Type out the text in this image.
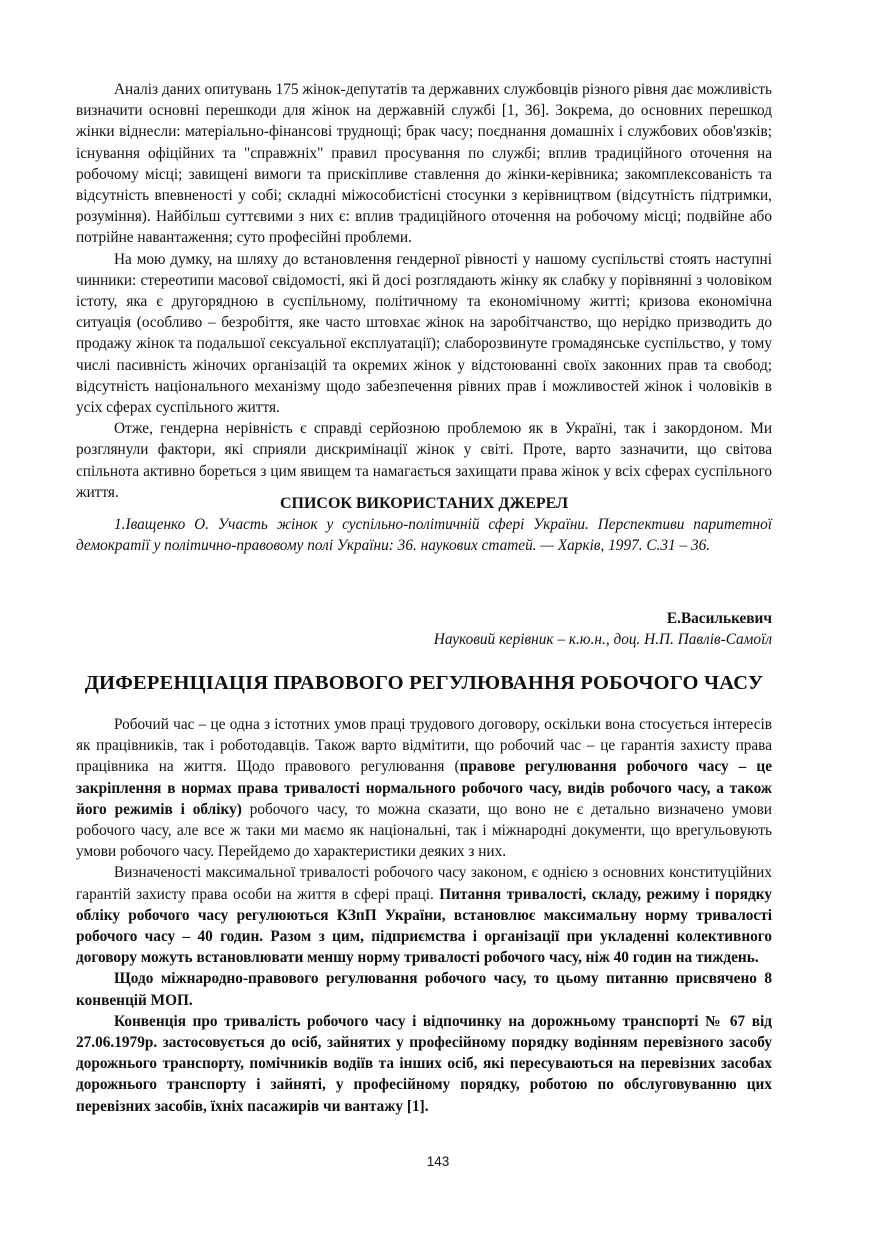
Аналіз даних опитувань 175 жінок-депутатів та державних службовців різного рівня дає можливість визначити основні перешкоди для жінок на державній службі [1, 36]. Зокрема, до основних перешкод жінки віднесли: матеріально-фінансові труднощі; брак часу; поєднання домашніх і службових обов'язків; існування офіційних та "справжніх" правил просування по службі; вплив традиційного оточення на робочому місці; завищені вимоги та прискіпливе ставлення до жінки-керівника; закомплексованість та відсутність впевненості у собі; складні міжособистісні стосунки з керівництвом (відсутність підтримки, розуміння). Найбільш суттєвими з них є: вплив традиційного оточення на робочому місці; подвійне або потрійне навантаження; суто професійні проблеми.

На мою думку, на шляху до встановлення гендерної рівності у нашому суспільстві стоять наступні чинники: стереотипи масової свідомості, які й досі розглядають жінку як слабку у порівнянні з чоловіком істоту, яка є другорядною в суспільному, політичному та економічному житті; кризова економічна ситуація (особливо – безробіття, яке часто штовхає жінок на заробітчанство, що нерідко призводить до продажу жінок та подальшої сексуальної експлуатації); слаборозвинуте громадянське суспільство, у тому числі пасивність жіночих організацій та окремих жінок у відстоюванні своїх законних прав та свобод; відсутність національного механізму щодо забезпечення рівних прав і можливостей жінок і чоловіків в усіх сферах суспільного життя.

Отже, гендерна нерівність є справді серйозною проблемою як в Україні, так і закордоном. Ми розглянули фактори, які сприяли дискримінації жінок у світі. Проте, варто зазначити, що світова спільнота активно бореться з цим явищем та намагається захищати права жінок у всіх сферах суспільного життя.

СПИСОК ВИКОРИСТАНИХ ДЖЕРЕЛ
1.Іващенко О. Участь жінок у суспільно-політичній сфері України. Перспективи паритетної демократії у політично-правовому полі України: 36. наукових статей. — Харків, 1997. С.31 – 36.
Е.Василькевич
Науковий керівник – к.ю.н., доц. Н.П. Павлів-Самоїл
ДИФЕРЕНЦІАЦІЯ ПРАВОВОГО РЕГУЛЮВАННЯ РОБОЧОГО ЧАСУ

Робочий час – це одна з істотних умов праці трудового договору, оскільки вона стосується інтересів як працівників, так і роботодавців. Також варто відмітити, що робочий час – це гарантія захисту права працівника на життя. Щодо правового регулювання (правове регулювання робочого часу – це закріплення в нормах права тривалості нормального робочого часу, видів робочого часу, а також його режимів і обліку) робочого часу, то можна сказати, що воно не є детально визначено умови робочого часу, але все ж таки ми маємо як національні, так і міжнародні документи, що врегульовують умови робочого часу. Перейдемо до характеристики деяких з них.

Визначеності максимальної тривалості робочого часу законом, є однією з основних конституційних гарантій захисту права особи на життя в сфері праці. Питання тривалості, складу, режиму і порядку обліку робочого часу регулюються КЗпП України, встановлює максимальну норму тривалості робочого часу – 40 годин. Разом з цим, підприємства і організації при укладенні колективного договору можуть встановлювати меншу норму тривалості робочого часу, ніж 40 годин на тиждень.

Щодо міжнародно-правового регулювання робочого часу, то цьому питанню присвячено 8 конвенцій МОП.

Конвенція про тривалість робочого часу і відпочинку на дорожньому транспорті № 67 від 27.06.1979р. застосовується до осіб, зайнятих у професійному порядку водінням перевізного засобу дорожнього транспорту, помічників водіїв та інших осіб, які пересуваються на перевізних засобах дорожнього транспорту і зайняті, у професійному порядку, роботою по обслуговуванню цих перевізних засобів, їхніх пасажирів чи вантажу [1].

143
